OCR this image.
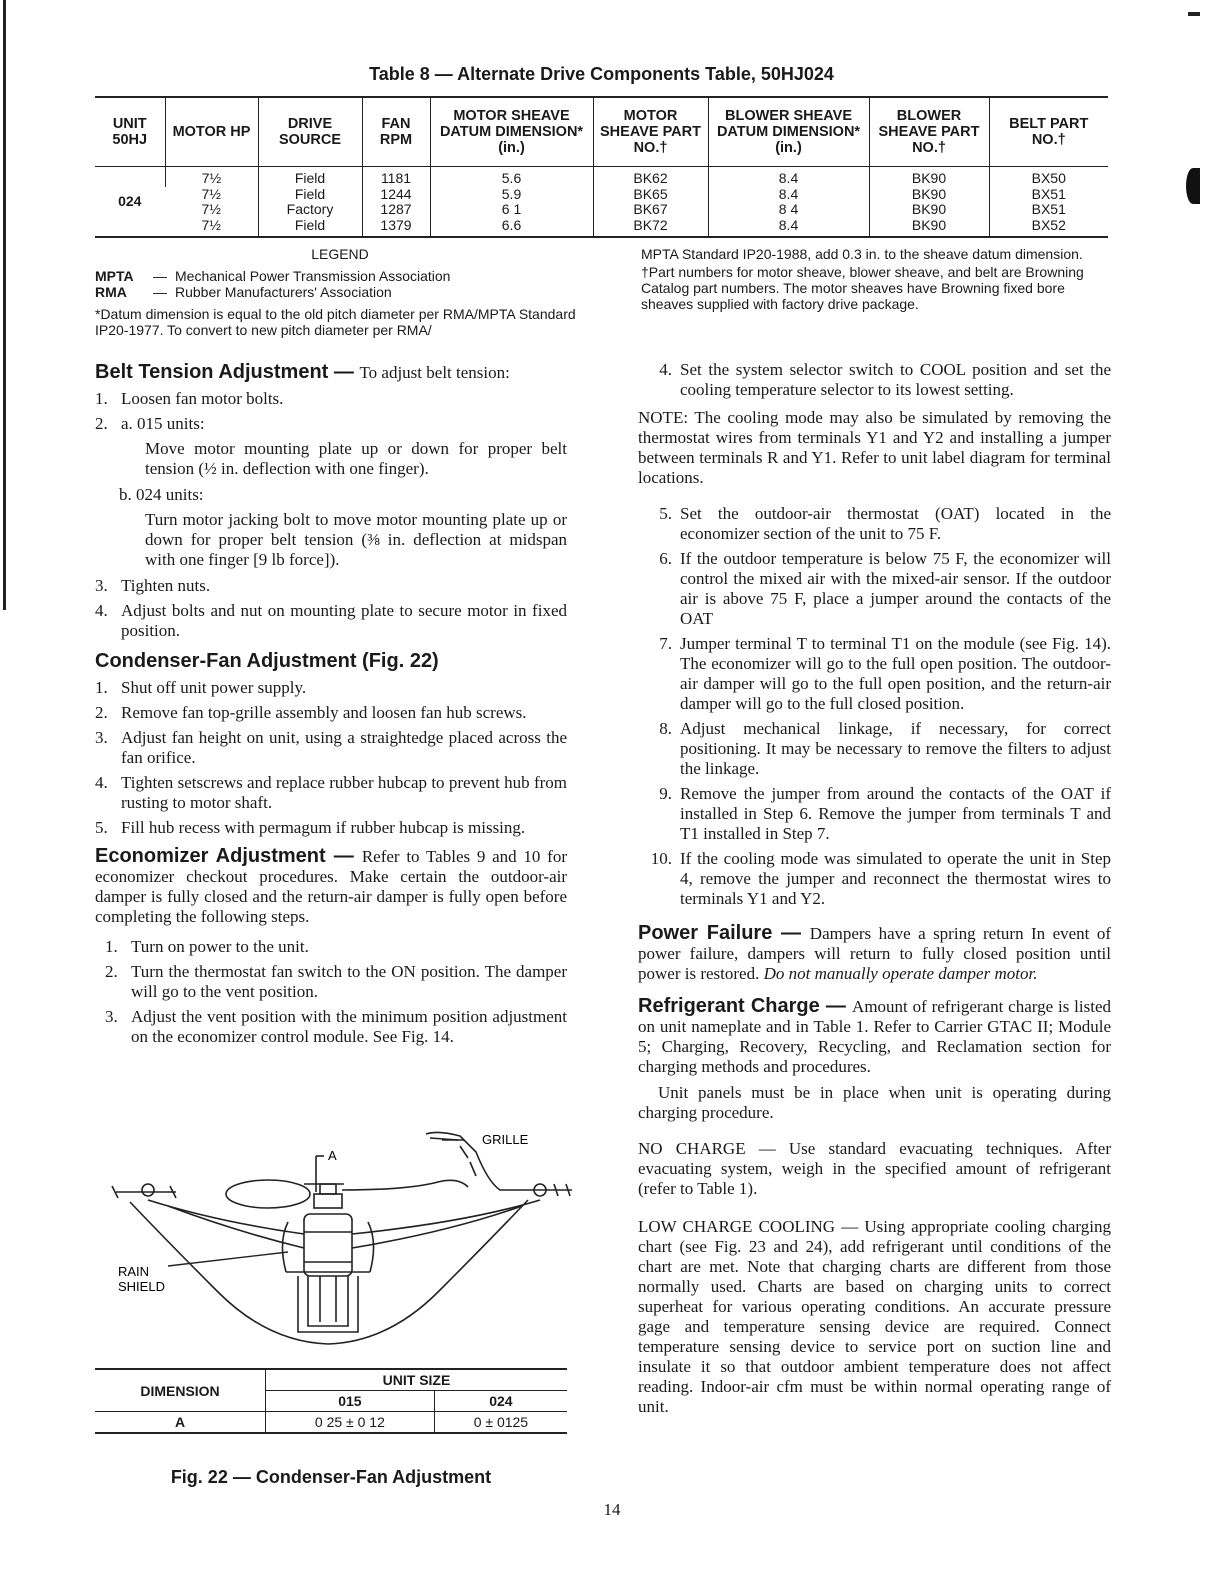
Table 8 — Alternate Drive Components Table, 50HJ024
UNIT 50HJ	MOTOR HP	DRIVE SOURCE	FAN RPM	MOTOR SHEAVE DATUM DIMENSION* (in.)	MOTOR SHEAVE PART NO.†	BLOWER SHEAVE DATUM DIMENSION* (in.)	BLOWER SHEAVE PART NO.†	BELT PART NO.†
024	7½	Field	1181	5.6	BK62	8.4	BK90	BX50
	7½	Field	1244	5.9	BK65	8.4	BK90	BX51
	7½	Factory	1287	6 1	BK67	8 4	BK90	BX51
	7½	Field	1379	6.6	BK72	8.4	BK90	BX52
LEGEND
MPTA	— Mechanical Power Transmission Association
RMA	— Rubber Manufacturers' Association
*Datum dimension is equal to the old pitch diameter per RMA/MPTA Standard IP20-1977. To convert to new pitch diameter per RMA/
MPTA Standard IP20-1988, add 0.3 in. to the sheave datum dimension.
†Part numbers for motor sheave, blower sheave, and belt are Browning Catalog part numbers. The motor sheaves have Browning fixed bore sheaves supplied with factory drive package.
Belt Tension Adjustment — To adjust belt tension:
1. Loosen fan motor bolts.
2. a. 015 units:
Move motor mounting plate up or down for proper belt tension (½ in. deflection with one finger).
b. 024 units:
Turn motor jacking bolt to move motor mounting plate up or down for proper belt tension (⅜ in. deflection at midspan with one finger [9 lb force]).
3. Tighten nuts.
4. Adjust bolts and nut on mounting plate to secure motor in fixed position.
Condenser-Fan Adjustment (Fig. 22)
1. Shut off unit power supply.
2. Remove fan top-grille assembly and loosen fan hub screws.
3. Adjust fan height on unit, using a straightedge placed across the fan orifice.
4. Tighten setscrews and replace rubber hubcap to prevent hub from rusting to motor shaft.
5. Fill hub recess with permagum if rubber hubcap is missing.
Economizer Adjustment — Refer to Tables 9 and 10 for economizer checkout procedures. Make certain the outdoor-air damper is fully closed and the return-air damper is fully open before completing the following steps.
1. Turn on power to the unit.
2. Turn the thermostat fan switch to the ON position. The damper will go to the vent position.
3. Adjust the vent position with the minimum position adjustment on the economizer control module. See Fig. 14.
A
GRILLE
RAIN
SHIELD
DIMENSION	UNIT SIZE	
	015	024
A	0 25 ± 0 12	0 ± 0125
Fig. 22 — Condenser-Fan Adjustment
4. Set the system selector switch to COOL position and set the cooling temperature selector to its lowest setting.
NOTE: The cooling mode may also be simulated by removing the thermostat wires from terminals Y1 and Y2 and installing a jumper between terminals R and Y1. Refer to unit label diagram for terminal locations.
5. Set the outdoor-air thermostat (OAT) located in the economizer section of the unit to 75 F.
6. If the outdoor temperature is below 75 F, the economizer will control the mixed air with the mixed-air sensor. If the outdoor air is above 75 F, place a jumper around the contacts of the OAT
7. Jumper terminal T to terminal T1 on the module (see Fig. 14). The economizer will go to the full open position. The outdoor-air damper will go to the full open position, and the return-air damper will go to the full closed position.
8. Adjust mechanical linkage, if necessary, for correct positioning. It may be necessary to remove the filters to adjust the linkage.
9. Remove the jumper from around the contacts of the OAT if installed in Step 6. Remove the jumper from terminals T and T1 installed in Step 7.
10. If the cooling mode was simulated to operate the unit in Step 4, remove the jumper and reconnect the thermostat wires to terminals Y1 and Y2.
Power Failure — Dampers have a spring return In event of power failure, dampers will return to fully closed position until power is restored. Do not manually operate damper motor.
Refrigerant Charge — Amount of refrigerant charge is listed on unit nameplate and in Table 1. Refer to Carrier GTAC II; Module 5; Charging, Recovery, Recycling, and Reclamation section for charging methods and procedures.
Unit panels must be in place when unit is operating during charging procedure.
NO CHARGE — Use standard evacuating techniques. After evacuating system, weigh in the specified amount of refrigerant (refer to Table 1).
LOW CHARGE COOLING — Using appropriate cooling charging chart (see Fig. 23 and 24), add refrigerant until conditions of the chart are met. Note that charging charts are different from those normally used. Charts are based on charging units to correct superheat for various operating conditions. An accurate pressure gage and temperature sensing device are required. Connect temperature sensing device to service port on suction line and insulate it so that outdoor ambient temperature does not affect reading. Indoor-air cfm must be within normal operating range of unit.
14
